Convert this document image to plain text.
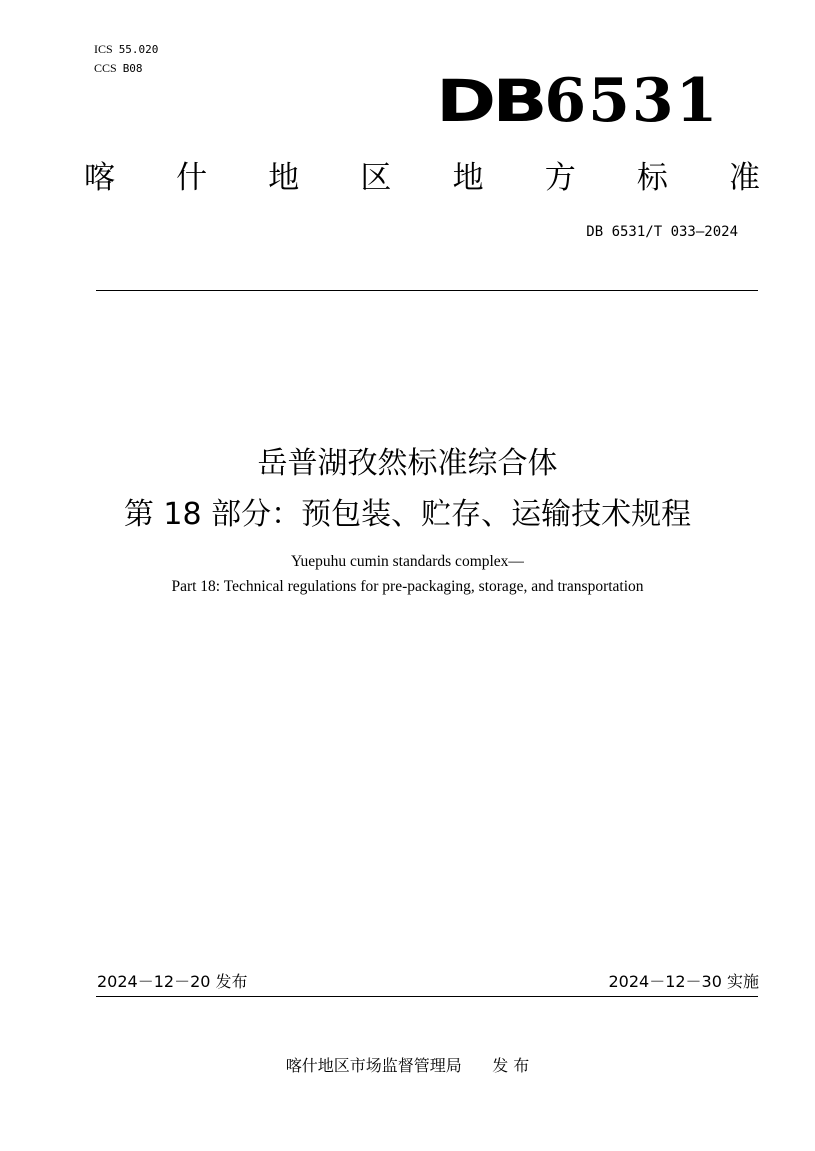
ICS 55.020
CCS B08	DB6531
喀 什 地 区 地 方 标 准
DB 6531/T 033—2024
岳普湖孜然标准综合体
第 18 部分：预包装、贮存、运输技术规程
Yuepuhu cumin standards complex—
Part 18: Technical regulations for pre-packaging, storage, and transportation
2024－12－20 发布	2024－12－30 实施
喀什地区市场监督管理局 发 布
